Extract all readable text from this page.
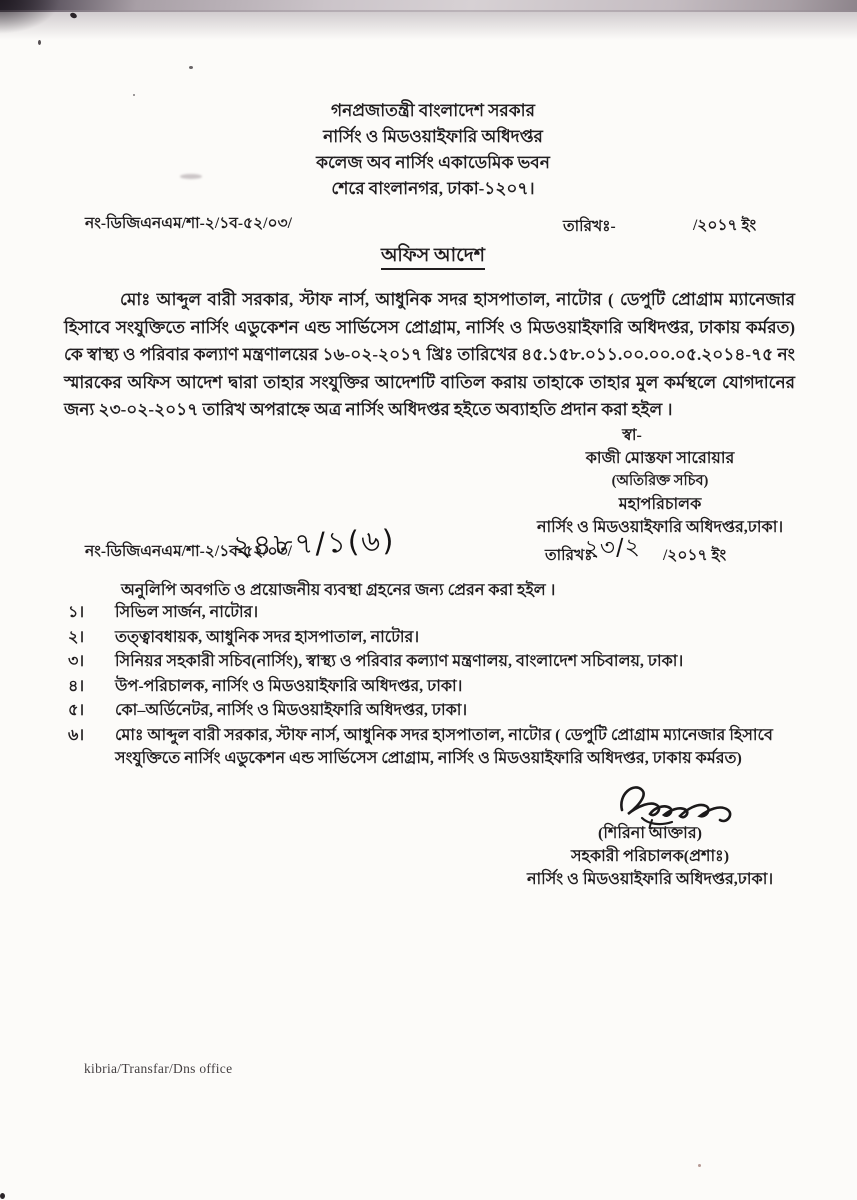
গনপ্রজাতন্ত্রী বাংলাদেশ সরকার
নার্সিং ও মিডওয়াইফারি অধিদপ্তর
কলেজ অব নার্সিং একাডেমিক ভবন
শেরে বাংলানগর, ঢাকা-১২০৭।
নং-ডিজিএনএম/শা-২/১ব-৫২/০৩/	তারিখঃ-	/২০১৭ ইং
অফিস আদেশ
মোঃ আব্দুল বারী সরকার, স্টাফ নার্স, আধুনিক সদর হাসপাতাল, নাটোর ( ডেপুটি প্রোগ্রাম ম্যানেজার হিসাবে সংযুক্তিতে নার্সিং এডুকেশন এন্ড সার্ভিসেস প্রোগ্রাম, নার্সিং ও মিডওয়াইফারি অধিদপ্তর, ঢাকায় কর্মরত) কে স্বাস্থ্য ও পরিবার কল্যাণ মন্ত্রণালয়ের ১৬-০২-২০১৭ খ্রিঃ তারিখের ৪৫.১৫৮.০১১.০০.০০.০৫.২০১৪-৭৫ নং স্মারকের অফিস আদেশ দ্বারা তাহার সংযুক্তির আদেশটি বাতিল করায় তাহাকে তাহার মুল কর্মস্থলে যোগদানের জন্য ২৩-০২-২০১৭ তারিখ অপরাহ্নে অত্র নার্সিং অধিদপ্তর হইতে অব্যাহতি প্রদান করা হইল ।
স্বা-
কাজী মোস্তফা সারোয়ার
(অতিরিক্ত সচিব)
মহাপরিচালক
নার্সিং ও মিডওয়াইফারি অধিদপ্তর,ঢাকা।
নং-ডিজিএনএম/শা-২/১ব-৫২/০৩/
২৪৮৭/১(৬)	তারিখঃ-
২৩/২ /২০১৭ ইং
অনুলিপি অবগতি ও প্রয়োজনীয় ব্যবস্থা গ্রহনের জন্য প্রেরন করা হইল ।
১।	সিভিল সার্জন, নাটোর।
২।	তত্ত্বাবধায়ক, আধুনিক সদর হাসপাতাল, নাটোর।
৩।	সিনিয়র সহকারী সচিব(নার্সিং), স্বাস্থ্য ও পরিবার কল্যাণ মন্ত্রণালয়, বাংলাদেশ সচিবালয়, ঢাকা।
৪।	উপ-পরিচালক, নার্সিং ও মিডওয়াইফারি অধিদপ্তর, ঢাকা।
৫।	কো–অর্ডিনেটর, নার্সিং ও মিডওয়াইফারি অধিদপ্তর, ঢাকা।
৬।	মোঃ আব্দুল বারী সরকার, স্টাফ নার্স, আধুনিক সদর হাসপাতাল, নাটোর ( ডেপুটি প্রোগ্রাম ম্যানেজার হিসাবে সংযুক্তিতে নার্সিং এডুকেশন এন্ড সার্ভিসেস প্রোগ্রাম, নার্সিং ও মিডওয়াইফারি অধিদপ্তর, ঢাকায় কর্মরত)
(শিরিনা আক্তার)
সহকারী পরিচালক(প্রশাঃ)
নার্সিং ও মিডওয়াইফারি অধিদপ্তর,ঢাকা।
kibria/Transfar/Dns office
